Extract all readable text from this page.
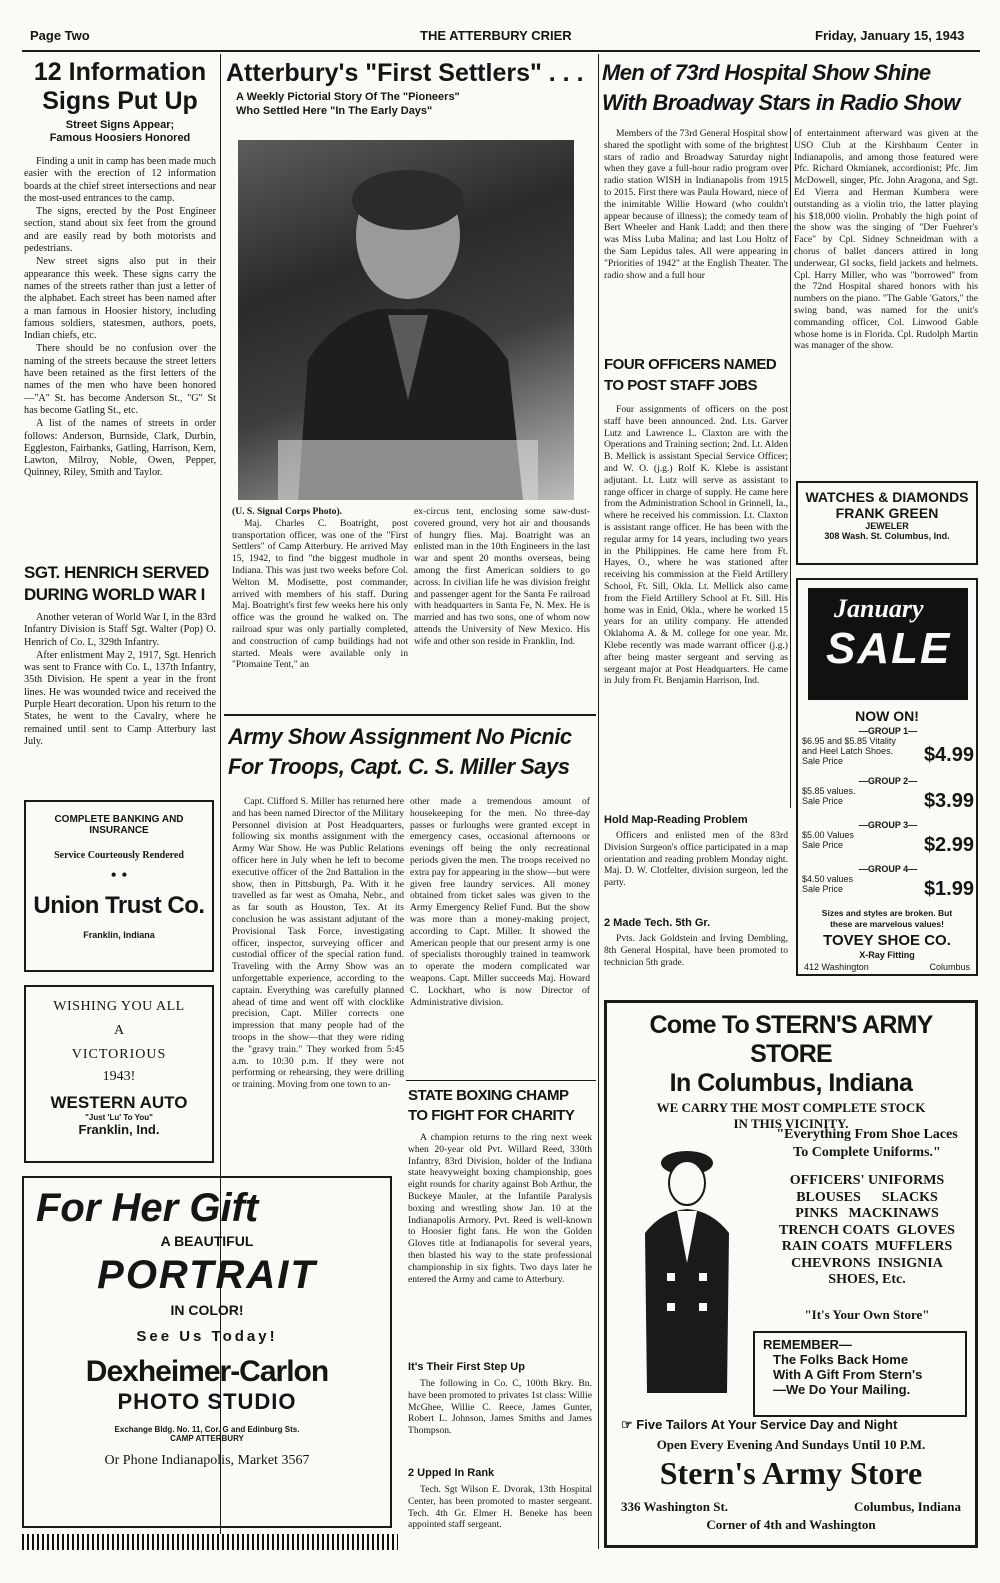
Page Two	THE ATTERBURY CRIER	Friday, January 15, 1943
12 Information
Signs Put Up
Street Signs Appear;
Famous Hoosiers Honored

Finding a unit in camp has been made much easier with the erection of 12 information boards at the chief street intersections and near the most-used entrances to the camp.

The signs, erected by the Post Engineer section, stand about six feet from the ground and are easily read by both motorists and pedestrians.

New street signs also put in their appearance this week. These signs carry the names of the streets rather than just a letter of the alphabet. Each street has been named after a man famous in Hoosier history, including famous soldiers, statesmen, authors, poets, Indian chiefs, etc.

There should be no confusion over the naming of the streets because the street letters have been retained as the first letters of the names of the men who have been honored —"A" St. has become Anderson St., "G" St has become Gatling St., etc.

A list of the names of streets in order follows: Anderson, Burnside, Clark, Durbin, Eggleston, Fairbanks, Gatling, Harrison, Kern, Lawton, Milroy, Noble, Owen, Pepper, Quinney, Riley, Smith and Taylor.

SGT. HENRICH SERVED
DURING WORLD WAR I

Another veteran of World War I, in the 83rd Infantry Division is Staff Sgt. Walter (Pop) O. Henrich of Co. L, 329th Infantry.

After enlistment May 2, 1917, Sgt. Henrich was sent to France with Co. L, 137th Infantry, 35th Division. He spent a year in the front lines. He was wounded twice and received the Purple Heart decoration. Upon his return to the States, he went to the Cavalry, where he remained until sent to Camp Atterbury last July.

COMPLETE BANKING AND
INSURANCE
Service Courteously Rendered
• •
Union Trust Co.
Franklin, Indiana
WISHING YOU ALL
A
VICTORIOUS
1943!
WESTERN AUTO
"Just 'Lu' To You"
Franklin, Ind.
For Her Gift
A BEAUTIFUL
PORTRAIT
IN COLOR!
See Us Today!
Dexheimer-Carlon
PHOTO STUDIO
Exchange Bldg. No. 11, Cor. G and Edinburg Sts.
CAMP ATTERBURY
Or Phone Indianapolis, Market 3567
Atterbury's "First Settlers" . . .
A Weekly Pictorial Story Of The "Pioneers"
Who Settled Here "In The Early Days"
(U. S. Signal Corps Photo).

Maj. Charles C. Boatright, post transportation officer, was one of the "First Settlers" of Camp Atterbury. He arrived May 15, 1942, to find "the biggest mudhole in Indiana. This was just two weeks before Col. Welton M. Modisette, post commander, arrived with members of his staff. During Maj. Boatright's first few weeks here his only office was the ground he walked on. The railroad spur was only partially completed, and construction of camp buildings had not started. Meals were available only in "Ptomaine Tent," an

ex-circus tent, enclosing some saw-dust-covered ground, very hot air and thousands of hungry flies. Maj. Boatright was an enlisted man in the 10th Engineers in the last war and spent 20 months overseas, being among the first American soldiers to go across. In civilian life he was division freight and passenger agent for the Santa Fe railroad with headquarters in Santa Fe, N. Mex. He is married and has two sons, one of whom now attends the University of New Mexico. His wife and other son reside in Franklin, Ind.

Army Show Assignment No Picnic
For Troops, Capt. C. S. Miller Says

Capt. Clifford S. Miller has returned here and has been named Director of the Military Personnel division at Post Headquarters, following six months assignment with the Army War Show. He was Public Relations officer here in July when he left to become executive officer of the 2nd Battalion in the show, then in Pittsburgh, Pa. With it he travelled as far west as Omaha, Nebr., and as far south as Houston, Tex. At its conclusion he was assistant adjutant of the Provisional Task Force, investigating officer, inspector, surveying officer and custodial officer of the special ration fund. Traveling with the Army Show was an unforgettable experience, according to the captain. Everything was carefully planned ahead of time and went off with clocklike precision, Capt. Miller corrects one impression that many people had of the troops in the show—that they were riding the "gravy train." They worked from 5:45 a.m. to 10:30 p.m. If they were not performing or rehearsing, they were drilling or training. Moving from one town to an-

other made a tremendous amount of housekeeping for the men. No three-day passes or furloughs were granted except in emergency cases, occasional afternoons or evenings off being the only recreational periods given the men. The troops received no extra pay for appearing in the show—but were given free laundry services. All money obtained from ticket sales was given to the Army Emergency Relief Fund. But the show was more than a money-making project, according to Capt. Miller. It showed the American people that our present army is one of specialists thoroughly trained in teamwork to operate the modern complicated war weapons. Capt. Miller succeeds Maj. Howard C. Lockhart, who is now Director of Administrative division.

STATE BOXING CHAMP
TO FIGHT FOR CHARITY

A champion returns to the ring next week when 20-year old Pvt. Willard Reed, 330th Infantry, 83rd Division, holder of the Indiana state heavyweight boxing championship, goes eight rounds for charity against Bob Arthur, the Buckeye Mauler, at the Infantile Paralysis boxing and wrestling show Jan. 10 at the Indianapolis Armory. Pvt. Reed is well-known to Hoosier fight fans. He won the Golden Gloves title at Indianapolis for several years, then blasted his way to the state professional championship in six fights. Two days later he entered the Army and came to Atterbury.

It's Their First Step Up

The following in Co. C, 100th Bkry. Bn. have been promoted to privates 1st class: Willie McGhee, Willie C. Reece, James Gunter, Robert L. Johnson, James Smiths and James Thompson.

2 Upped In Rank

Tech. Sgt Wilson E. Dvorak, 13th Hospital Center, has been promoted to master sergeant. Tech. 4th Gr. Elmer H. Beneke has been appointed staff sergeant.

Men of 73rd Hospital Show Shine
With Broadway Stars in Radio Show

Members of the 73rd General Hospital show shared the spotlight with some of the brightest stars of radio and Broadway Saturday night when they gave a full-hour radio program over radio station WISH in Indianapolis from 1915 to 2015. First there was Paula Howard, niece of the inimitable Willie Howard (who couldn't appear because of illness); the comedy team of Bert Wheeler and Hank Ladd; and then there was Miss Luba Malina; and last Lou Holtz of the Sam Lepidus tales. All were appearing in "Priorities of 1942" at the English Theater. The radio show and a full hour

of entertainment afterward was given at the USO Club at the Kirshbaum Center in Indianapolis, and among those featured were Pfc. Richard Okmianek, accordionist; Pfc. Jim McDowell, singer, Pfc. John Aragona, and Sgt. Ed Vierra and Herman Kumbera were outstanding as a violin trio, the latter playing his $18,000 violin. Probably the high point of the show was the singing of "Der Fuehrer's Face" by Cpl. Sidney Schneidman with a chorus of ballet dancers attired in long underwear, GI socks, field jackets and helmets. Cpl. Harry Miller, who was "borrowed" from the 72nd Hospital shared honors with his numbers on the piano. "The Gable 'Gators," the swing band, was named for the unit's commanding officer, Col. Linwood Gable whose home is in Florida. Cpl. Rudolph Martin was manager of the show.

FOUR OFFICERS NAMED
TO POST STAFF JOBS

Four assignments of officers on the post staff have been announced. 2nd. Lts. Garver Lutz and Lawrence L. Claxton are with the Operations and Training section; 2nd. Lt. Alden B. Mellick is assistant Special Service Officer; and W. O. (j.g.) Rolf K. Klebe is assistant adjutant. Lt. Lutz will serve as assistant to range officer in charge of supply. He came here from the Administration School in Grinnell, Ia., where he received his commission. Lt. Claxton is assistant range officer. He has been with the regular army for 14 years, including two years in the Philippines. He came here from Ft. Hayes, O., where he was stationed after receiving his commission at the Field Artillery School, Ft. Sill, Okla. Lt. Mellick also came from the Field Artillery School at Ft. Sill. His home was in Enid, Okla., where he worked 15 years for an utility company. He attended Oklahoma A. & M. college for one year. Mr. Klebe recently was made warrant officer (j.g.) after being master sergeant and serving as sergeant major at Post Headquarters. He came in July from Ft. Benjamin Harrison, Ind.

Hold Map-Reading Problem

Officers and enlisted men of the 83rd Division Surgeon's office participated in a map orientation and reading problem Monday night. Maj. D. W. Clotfelter, division surgeon, led the party.

2 Made Tech. 5th Gr.

Pvts. Jack Goldstein and Irving Dembling, 8th General Hospital, have been promoted to technician 5th grade.

WATCHES & DIAMONDS
FRANK GREEN
JEWELER
308 Wash. St. Columbus, Ind.
January
SALE
NOW ON!
—GROUP 1—
$6.95 and $5.85 Vitality and Heel Latch Shoes.
Sale Price	$4.99
—GROUP 2—
$5.85 values.
Sale Price	$3.99
—GROUP 3—
$5.00 Values
Sale Price	$2.99
—GROUP 4—
$4.50 values
Sale Price	$1.99
Sizes and styles are broken. But
these are marvelous values!
TOVEY SHOE CO.
X-Ray Fitting
412 Washington	Columbus
Come To STERN'S ARMY STORE
In Columbus, Indiana
WE CARRY THE MOST COMPLETE STOCK
IN THIS VICINITY.
"Everything From Shoe Laces
To Complete Uniforms."
OFFICERS' UNIFORMS
BLOUSES      SLACKS
PINKS   MACKINAWS
TRENCH COATS  GLOVES
RAIN COATS  MUFFLERS
CHEVRONS  INSIGNIA
SHOES, Etc.
"It's Your Own Store"
REMEMBER—
The Folks Back Home
With A Gift From Stern's
—We Do Your Mailing.
☞ Five Tailors At Your Service Day and Night
Open Every Evening And Sundays Until 10 P.M.
Stern's Army Store
336 Washington St.	Columbus, Indiana
Corner of 4th and Washington
